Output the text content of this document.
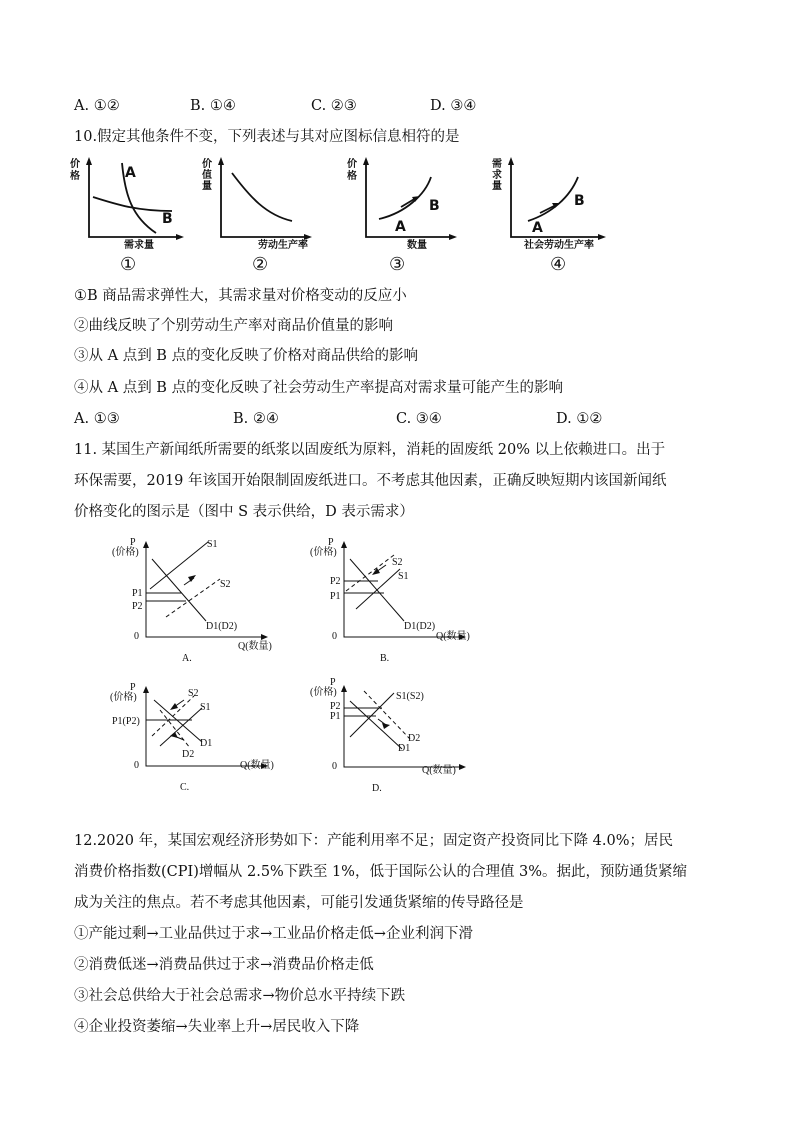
A. ①②	B. ①④	C. ②③	D. ③④
10.假定其他条件不变，下列表述与其对应图标信息相符的是
价
格	A
B
需求量
①
价
值
量
劳动生产率
②
价
格
A
B
数量
③
需
求
量
A
B
社会劳动生产率
④
①B 商品需求弹性大，其需求量对价格变动的反应小
②曲线反映了个别劳动生产率对商品价值量的影响
③从 A 点到 B 点的变化反映了价格对商品供给的影响
④从 A 点到 B 点的变化反映了社会劳动生产率提高对需求量可能产生的影响
A. ①③	B. ②④	C. ③④	D. ①②
11. 某国生产新闻纸所需要的纸浆以固废纸为原料，消耗的固废纸 20% 以上依赖进口。出于
环保需要，2019 年该国开始限制固废纸进口。不考虑其他因素，正确反映短期内该国新闻纸
价格变化的图示是（图中 S 表示供给，D 表示需求）
P
(价格)
P1
P2
S1
S2
D1(D2)
0
Q(数量)
A.
P
(价格)
P2
P1
S2
S1
D1(D2)
0	Q(数量)
B.
P
(价格)
P1(P2)
S2
S1
D1
D2
0	Q(数量)
C.
P
(价格)
P2
P1
S1(S2)
D2
D1
0	Q(数量)
D.
12.2020 年，某国宏观经济形势如下：产能利用率不足；固定资产投资同比下降 4.0%；居民
消费价格指数(CPI)增幅从 2.5%下跌至 1%，低于国际公认的合理值 3%。据此，预防通货紧缩
成为关注的焦点。若不考虑其他因素，可能引发通货紧缩的传导路径是
①产能过剩→工业品供过于求→工业品价格走低→企业利润下滑
②消费低迷→消费品供过于求→消费品价格走低
③社会总供给大于社会总需求→物价总水平持续下跌
④企业投资萎缩→失业率上升→居民收入下降
